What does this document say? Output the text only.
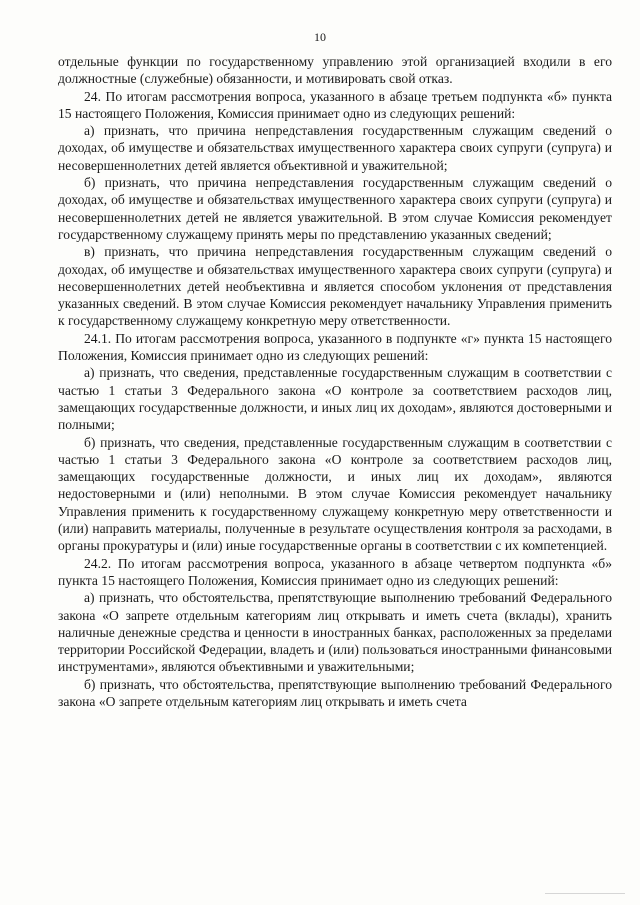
10

отдельные функции по государственному управлению этой организацией входили в его должностные (служебные) обязанности, и мотивировать свой отказ.

24. По итогам рассмотрения вопроса, указанного в абзаце третьем подпункта «б» пункта 15 настоящего Положения, Комиссия принимает одно из следующих решений:

а) признать, что причина непредставления государственным служащим сведений о доходах, об имуществе и обязательствах имущественного характера своих супруги (супруга) и несовершеннолетних детей является объективной и уважительной;

б) признать, что причина непредставления государственным служащим сведений о доходах, об имуществе и обязательствах имущественного характера своих супруги (супруга) и несовершеннолетних детей не является уважительной. В этом случае Комиссия рекомендует государственному служащему принять меры по представлению указанных сведений;

в) признать, что причина непредставления государственным служащим сведений о доходах, об имуществе и обязательствах имущественного характера своих супруги (супруга) и несовершеннолетних детей необъективна и является способом уклонения от представления указанных сведений. В этом случае Комиссия рекомендует начальнику Управления применить к государственному служащему конкретную меру ответственности.

24.1. По итогам рассмотрения вопроса, указанного в подпункте «г» пункта 15 настоящего Положения, Комиссия принимает одно из следующих решений:

а) признать, что сведения, представленные государственным служащим в соответствии с частью 1 статьи 3 Федерального закона «О контроле за соответствием расходов лиц, замещающих государственные должности, и иных лиц их доходам», являются достоверными и полными;

б) признать, что сведения, представленные государственным служащим в соответствии с частью 1 статьи 3 Федерального закона «О контроле за соответствием расходов лиц, замещающих государственные должности, и иных лиц их доходам», являются недостоверными и (или) неполными. В этом случае Комиссия рекомендует начальнику Управления применить к государственному служащему конкретную меру ответственности и (или) направить материалы, полученные в результате осуществления контроля за расходами, в органы прокуратуры и (или) иные государственные органы в соответствии с их компетенцией.

24.2. По итогам рассмотрения вопроса, указанного в абзаце четвертом подпункта «б» пункта 15 настоящего Положения, Комиссия принимает одно из следующих решений:

а) признать, что обстоятельства, препятствующие выполнению требований Федерального закона «О запрете отдельным категориям лиц открывать и иметь счета (вклады), хранить наличные денежные средства и ценности в иностранных банках, расположенных за пределами территории Российской Федерации, владеть и (или) пользоваться иностранными финансовыми инструментами», являются объективными и уважительными;

б) признать, что обстоятельства, препятствующие выполнению требований Федерального закона «О запрете отдельным категориям лиц открывать и иметь счета
